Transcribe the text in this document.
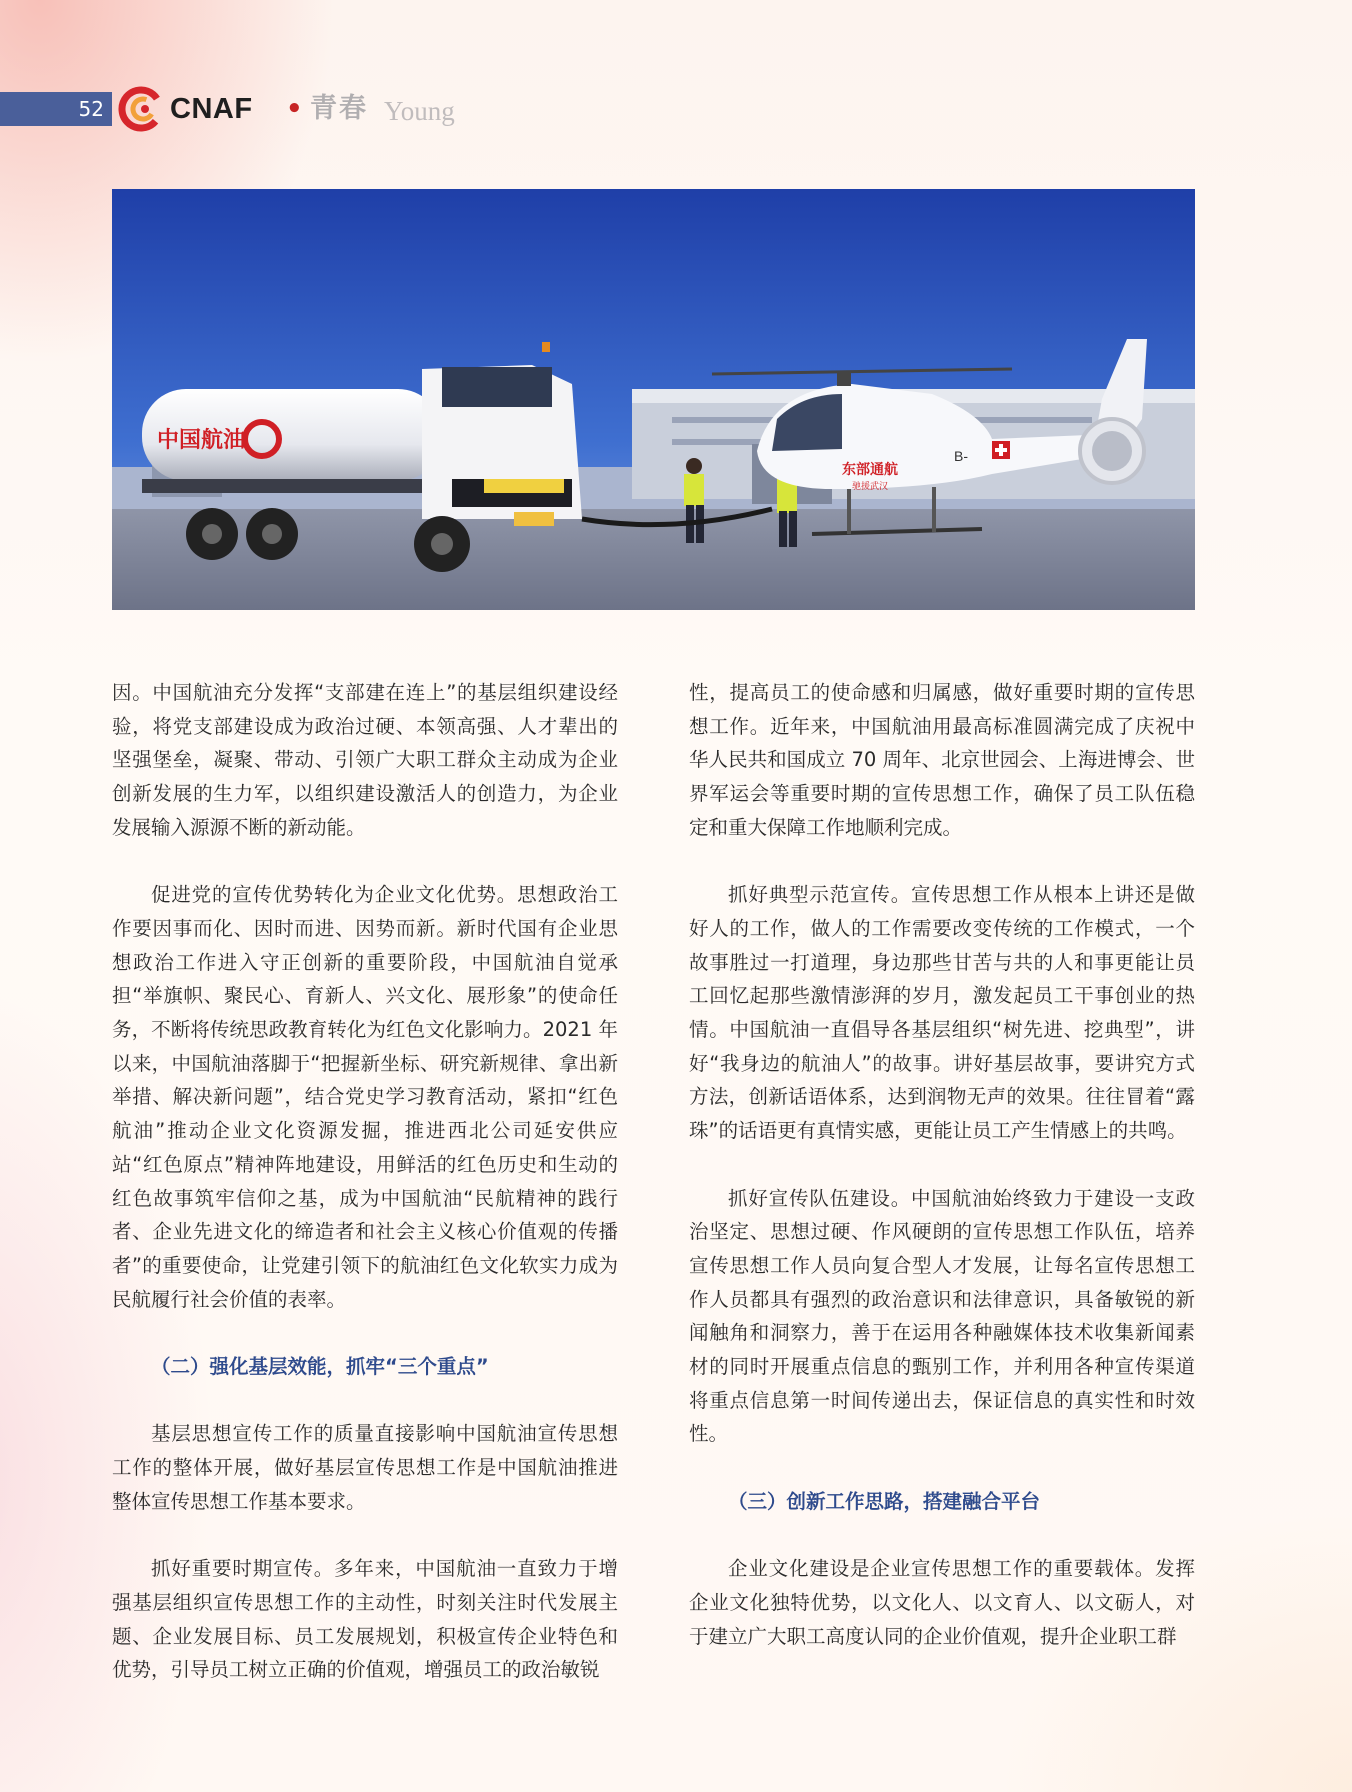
52 CNAF • 青春 Young
中国航油
东部通航
驰援武汉
B-

因。中国航油充分发挥“支部建在连上”的基层组织建设经验，将党支部建设成为政治过硬、本领高强、人才辈出的坚强堡垒，凝聚、带动、引领广大职工群众主动成为企业创新发展的生力军，以组织建设激活人的创造力，为企业发展输入源源不断的新动能。

促进党的宣传优势转化为企业文化优势。思想政治工作要因事而化、因时而进、因势而新。新时代国有企业思想政治工作进入守正创新的重要阶段，中国航油自觉承担“举旗帜、聚民心、育新人、兴文化、展形象”的使命任务，不断将传统思政教育转化为红色文化影响力。2021 年以来，中国航油落脚于“把握新坐标、研究新规律、拿出新举措、解决新问题”，结合党史学习教育活动，紧扣“红色航油”推动企业文化资源发掘，推进西北公司延安供应站“红色原点”精神阵地建设，用鲜活的红色历史和生动的红色故事筑牢信仰之基，成为中国航油“民航精神的践行者、企业先进文化的缔造者和社会主义核心价值观的传播者”的重要使命，让党建引领下的航油红色文化软实力成为民航履行社会价值的表率。

（二）强化基层效能，抓牢“三个重点”

基层思想宣传工作的质量直接影响中国航油宣传思想工作的整体开展，做好基层宣传思想工作是中国航油推进整体宣传思想工作基本要求。

抓好重要时期宣传。多年来，中国航油一直致力于增强基层组织宣传思想工作的主动性，时刻关注时代发展主题、企业发展目标、员工发展规划，积极宣传企业特色和优势，引导员工树立正确的价值观，增强员工的政治敏锐

性，提高员工的使命感和归属感，做好重要时期的宣传思想工作。近年来，中国航油用最高标准圆满完成了庆祝中华人民共和国成立 70 周年、北京世园会、上海进博会、世界军运会等重要时期的宣传思想工作，确保了员工队伍稳定和重大保障工作地顺利完成。

抓好典型示范宣传。宣传思想工作从根本上讲还是做好人的工作，做人的工作需要改变传统的工作模式，一个故事胜过一打道理，身边那些甘苦与共的人和事更能让员工回忆起那些激情澎湃的岁月，激发起员工干事创业的热情。中国航油一直倡导各基层组织“树先进、挖典型”，讲好“我身边的航油人”的故事。讲好基层故事，要讲究方式方法，创新话语体系，达到润物无声的效果。往往冒着“露珠”的话语更有真情实感，更能让员工产生情感上的共鸣。

抓好宣传队伍建设。中国航油始终致力于建设一支政治坚定、思想过硬、作风硬朗的宣传思想工作队伍，培养宣传思想工作人员向复合型人才发展，让每名宣传思想工作人员都具有强烈的政治意识和法律意识，具备敏锐的新闻触角和洞察力，善于在运用各种融媒体技术收集新闻素材的同时开展重点信息的甄别工作，并利用各种宣传渠道将重点信息第一时间传递出去，保证信息的真实性和时效性。

（三）创新工作思路，搭建融合平台

企业文化建设是企业宣传思想工作的重要载体。发挥企业文化独特优势，以文化人、以文育人、以文砺人，对于建立广大职工高度认同的企业价值观，提升企业职工群
